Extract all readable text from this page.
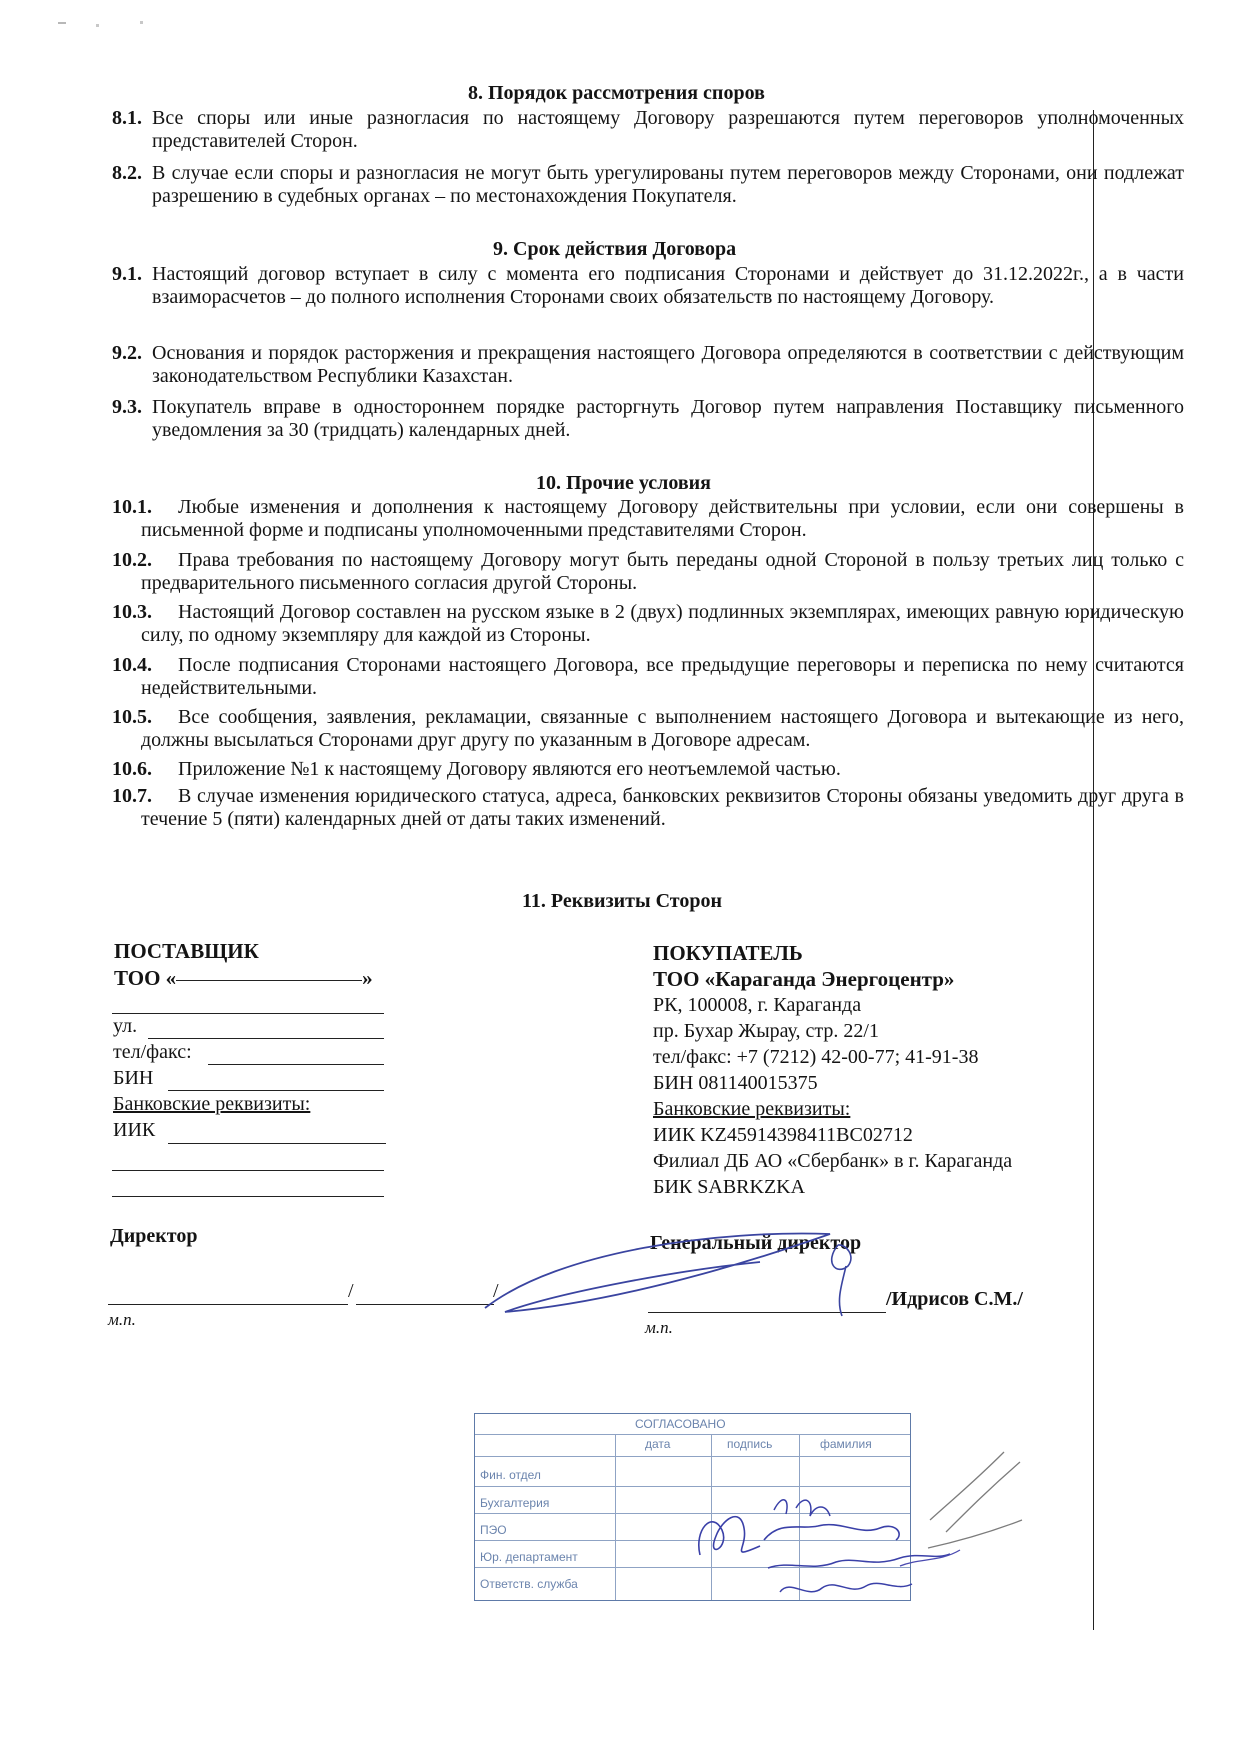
8. Порядок рассмотрения споров
8.1. Все споры или иные разногласия по настоящему Договору разрешаются путем переговоров уполномоченных представителей Сторон.
8.2. В случае если споры и разногласия не могут быть урегулированы путем переговоров между Сторонами, они подлежат разрешению в судебных органах – по местонахождения Покупателя.
9. Срок действия Договора
9.1. Настоящий договор вступает в силу с момента его подписания Сторонами и действует до 31.12.2022г., а в части взаиморасчетов – до полного исполнения Сторонами своих обязательств по настоящему Договору.
9.2. Основания и порядок расторжения и прекращения настоящего Договора определяются в соответствии с действующим законодательством Республики Казахстан.
9.3. Покупатель вправе в одностороннем порядке расторгнуть Договор путем направления Поставщику письменного уведомления за 30 (тридцать) календарных дней.
10. Прочие условия
10.1.	Любые изменения и дополнения к настоящему Договору действительны при условии, если они совершены в письменной форме и подписаны уполномоченными представителями Сторон.
10.2.	Права требования по настоящему Договору могут быть переданы одной Стороной в пользу третьих лиц только с предварительного письменного согласия другой Стороны.
10.3.	Настоящий Договор составлен на русском языке в 2 (двух) подлинных экземплярах, имеющих равную юридическую силу, по одному экземпляру для каждой из Стороны.
10.4.	После подписания Сторонами настоящего Договора, все предыдущие переговоры и переписка по нему считаются недействительными.
10.5.	Все сообщения, заявления, рекламации, связанные с выполнением настоящего Договора и вытекающие из него, должны высылаться Сторонами друг другу по указанным в Договоре адресам.
10.6.	Приложение №1 к настоящему Договору являются его неотъемлемой частью.
10.7.	В случае изменения юридического статуса, адреса, банковских реквизитов Стороны обязаны уведомить друг друга в течение 5 (пяти) календарных дней от даты таких изменений.
11. Реквизиты Сторон
ПОСТАВЩИК
ТОО «	»
ул.
тел/факс:
БИН
Банковские реквизиты:
ИИК
Директор
/	/
м.п.
ПОКУПАТЕЛЬ
ТОО «Караганда Энергоцентр»
РК, 100008, г. Караганда
пр. Бухар Жырау, стр. 22/1
тел/факс: +7 (7212) 42-00-77; 41-91-38
БИН 081140015375
Банковские реквизиты:
ИИК KZ45914398411BC02712
Филиал ДБ АО «Сбербанк» в г. Караганда
БИК SABRKZKA
Генеральный директор
/Идрисов С.М./
м.п.
СОГЛАСОВАНО
дата	подпись	фамилия
Фин. отдел
Бухгалтерия
ПЭО
Юр. департамент
Ответств. служба
